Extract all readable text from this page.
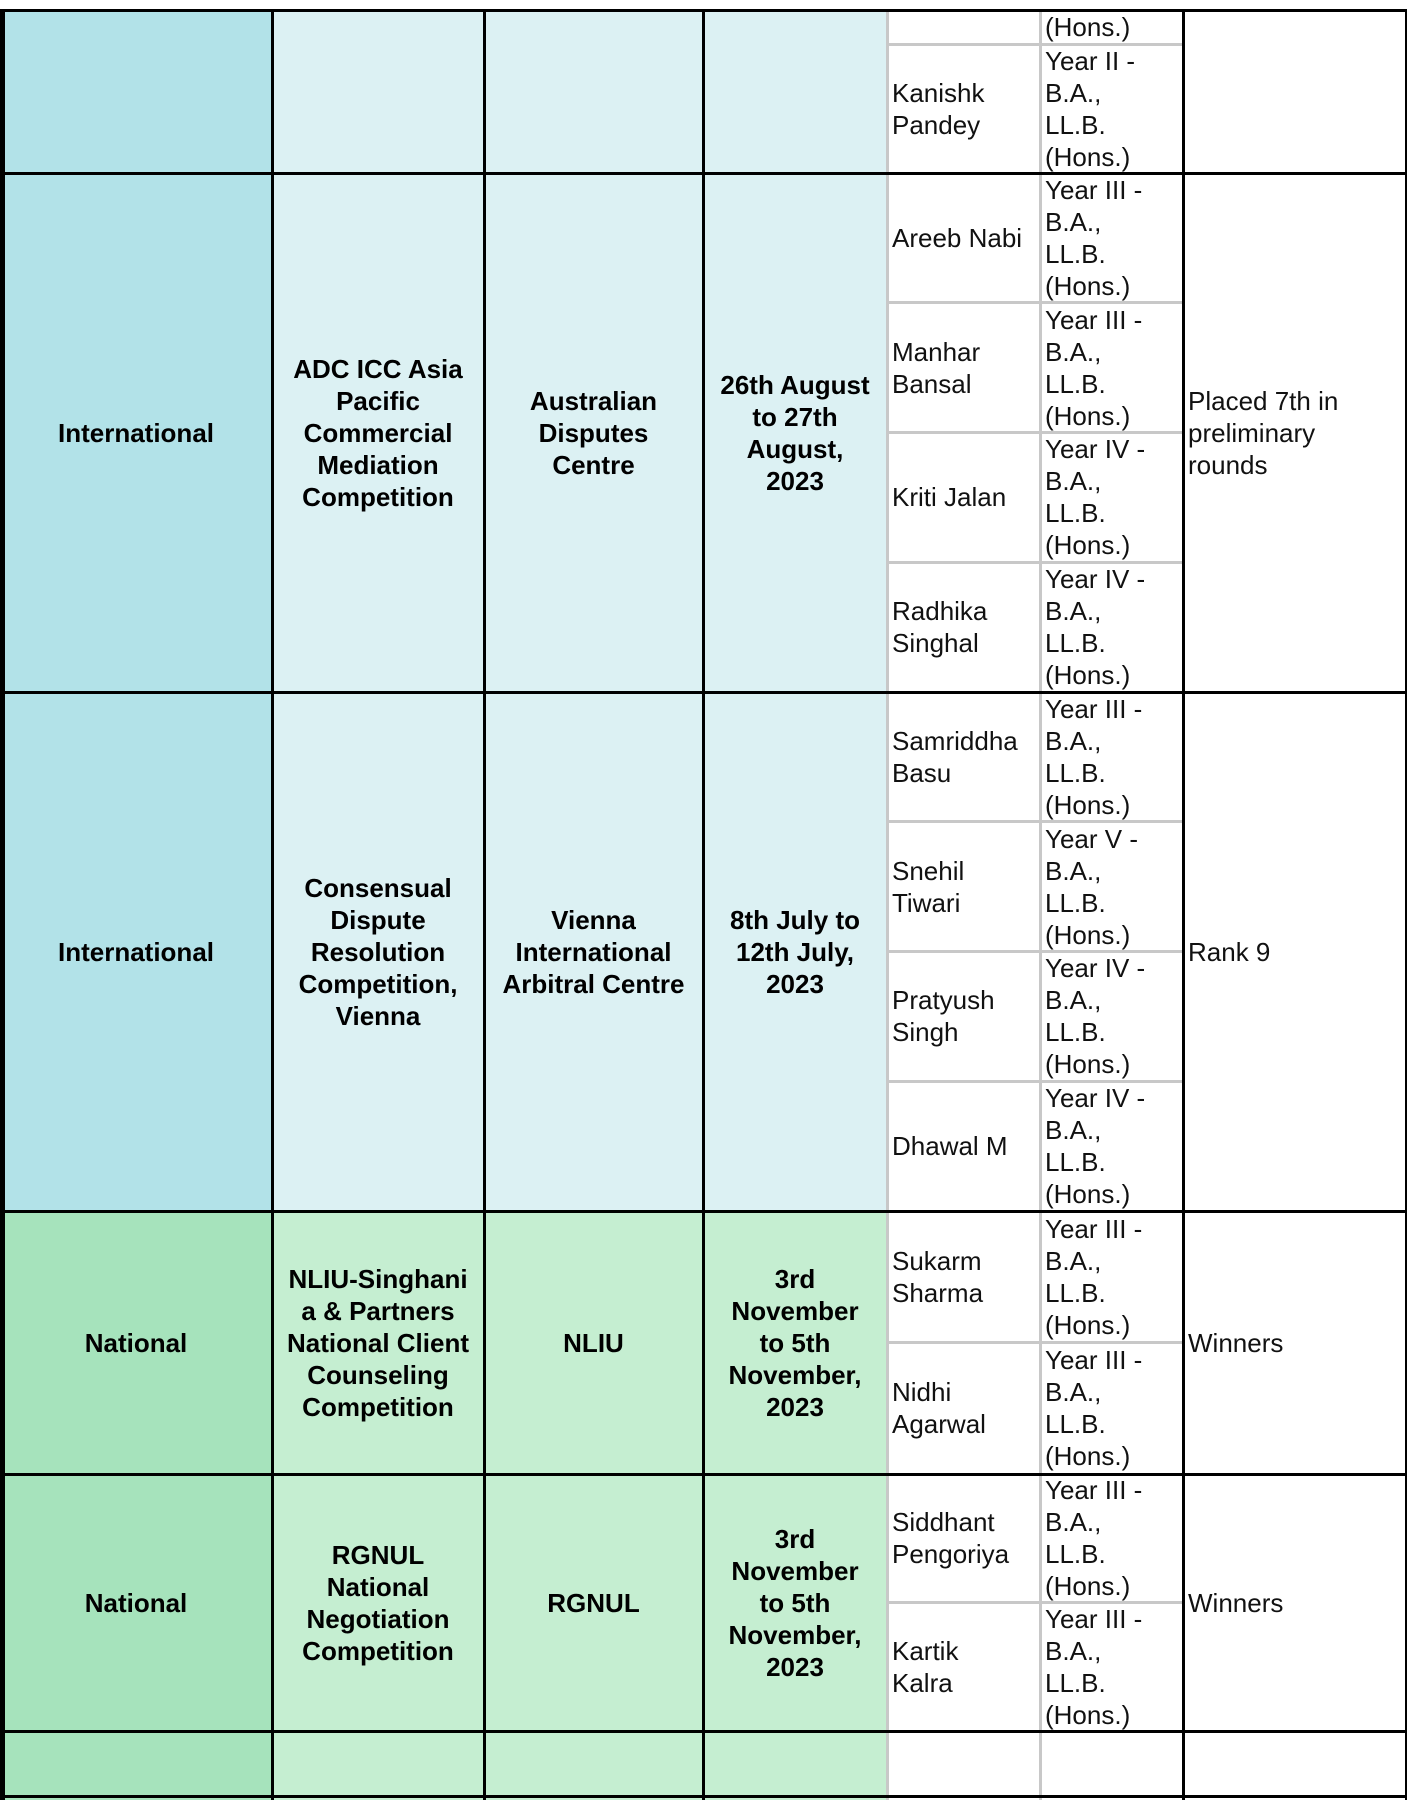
(Hons.)
Kanishk
Pandey
Year II -
B.A.,
LL.B.
(Hons.)
International
ADC ICC Asia
Pacific
Commercial
Mediation
Competition
Australian
Disputes
Centre
26th August
to 27th
August,
2023
Areeb Nabi
Year III -
B.A.,
LL.B.
(Hons.)
Manhar
Bansal
Year III -
B.A.,
LL.B.
(Hons.)
Kriti Jalan
Year IV -
B.A.,
LL.B.
(Hons.)
Radhika
Singhal
Year IV -
B.A.,
LL.B.
(Hons.)
Placed 7th in
preliminary
rounds
International
Consensual
Dispute
Resolution
Competition,
Vienna
Vienna
International
Arbitral Centre
8th July to
12th July,
2023
Samriddha
Basu
Year III -
B.A.,
LL.B.
(Hons.)
Snehil
Tiwari
Year V -
B.A.,
LL.B.
(Hons.)
Pratyush
Singh
Year IV -
B.A.,
LL.B.
(Hons.)
Dhawal M
Year IV -
B.A.,
LL.B.
(Hons.)
Rank 9
National
NLIU-Singhani
a & Partners
National Client
Counseling
Competition
NLIU
3rd
November
to 5th
November,
2023
Sukarm
Sharma
Year III -
B.A.,
LL.B.
(Hons.)
Nidhi
Agarwal
Year III -
B.A.,
LL.B.
(Hons.)
Winners
National
RGNUL
National
Negotiation
Competition
RGNUL
3rd
November
to 5th
November,
2023
Siddhant
Pengoriya
Year III -
B.A.,
LL.B.
(Hons.)
Kartik
Kalra
Year III -
B.A.,
LL.B.
(Hons.)
Winners
